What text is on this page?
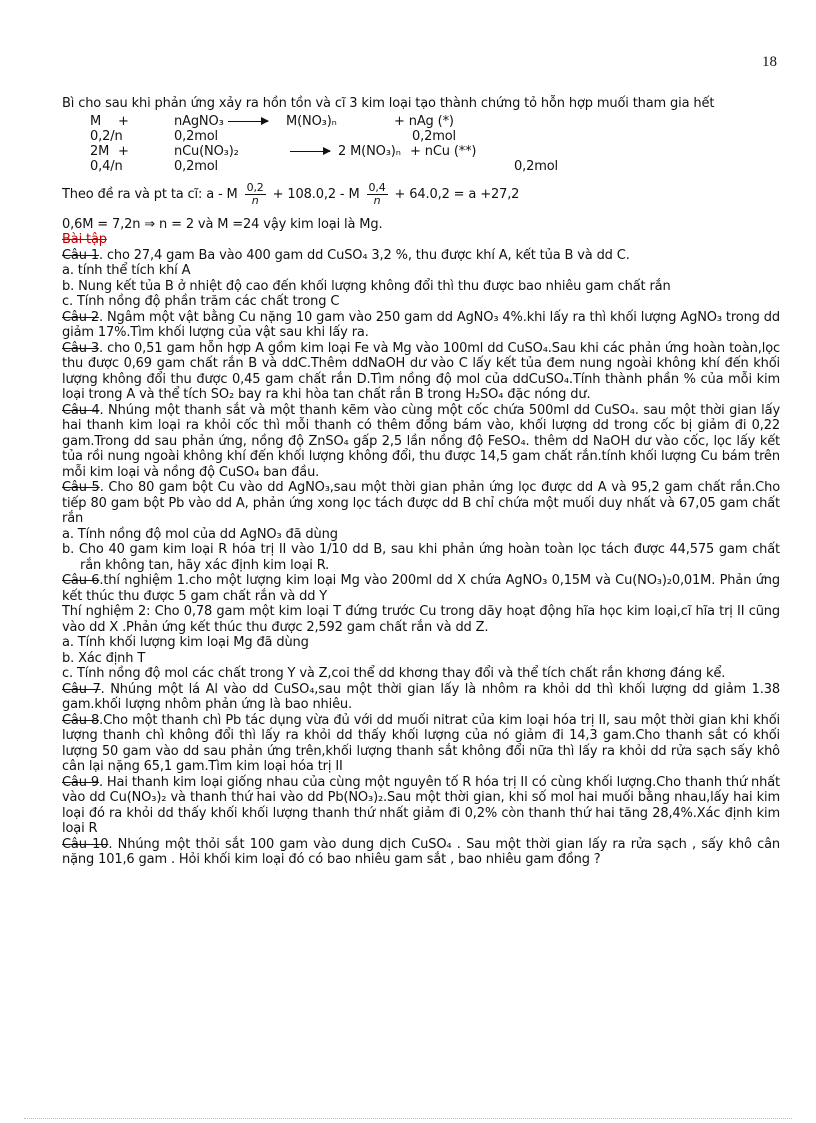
18

Bì cho sau khi phản ứng xảy ra hồn tồn và cĩ 3 kim loại tạo thành chứng tỏ hỗn hợp muối tham gia hết

M	+	nAgNO₃ →	M(NO₃)ₙ	+ nAg (*)
0,2/n	0,2mol	0,2mol
2M +	nCu(NO₃)₂	→ 2 M(NO₃)ₙ + nCu (**)
0,4/n	0,2mol	0,2mol

Theo đề ra và pt ta cĩ: a - M $\frac{0,2}{n} + 108.0,2 - M \frac{0,4}{n} + 64.0,2 = a +27,2$

0,6M = 7,2n ⇒ n = 2 và M =24 vậy kim loại là Mg.

Bài tập

Câu 1. cho 27,4 gam Ba vào 400 gam dd CuSO₄ 3,2 %, thu được khí A, kết tủa B và dd C.

a. tính thể tích khí A

b. Nung kết tủa B ở nhiệt độ cao đến khối lượng không đổi thì thu được bao nhiêu gam chất rắn

c. Tính nồng độ phần trăm các chất trong C

Câu 2. Ngâm một vật bằng Cu nặng 10 gam vào 250 gam dd AgNO₃ 4%.khi lấy ra thì khối lượng AgNO₃ trong dd giảm 17%.Tìm khối lượng của vật sau khi lấy ra.

Câu 3. cho 0,51 gam hỗn hợp A gồm kim loại Fe và Mg vào 100ml dd CuSO₄.Sau khi các phản ứng hoàn toàn,lọc thu được 0,69 gam chất rắn B và ddC.Thêm ddNaOH dư vào C lấy kết tủa đem nung ngoài không khí đến khối lượng không đổi thu được 0,45 gam chất rắn D.Tìm nồng độ mol của ddCuSO₄.Tính thành phần % của mỗi kim loại trong A và thể tích SO₂ bay ra khi hòa tan chất rắn B trong H₂SO₄ đặc nóng dư.

Câu 4. Nhúng một thanh sắt và một thanh kẽm vào cùng một cốc chứa 500ml dd CuSO₄. sau một thời gian lấy hai thanh kim loại ra khỏi cốc thì mỗi thanh có thêm đồng bám vào, khối lượng dd trong cốc bị giảm đi 0,22 gam.Trong dd sau phản ứng, nồng độ ZnSO₄ gấp 2,5 lần nồng độ FeSO₄. thêm dd NaOH dư vào cốc, lọc lấy kết tủa rồi nung ngoài không khí đến khối lượng không đổi, thu được 14,5 gam chất rắn.tính khối lượng Cu bám trên mỗi kim loại và nồng độ CuSO₄ ban đầu.

Câu 5. Cho 80 gam bột Cu vào dd AgNO₃,sau một thời gian phản ứng lọc được dd A và 95,2 gam chất rắn.Cho tiếp 80 gam bột Pb vào dd A, phản ứng xong lọc tách được dd B chỉ chứa một muối duy nhất và 67,05 gam chất rắn

a. Tính nồng độ mol của dd AgNO₃ đã dùng

b. Cho 40 gam kim loại R hóa trị II vào 1/10 dd B, sau khi phản ứng hoàn toàn lọc tách được 44,575 gam chất rắn không tan, hãy xác định kim loại R.

Câu 6.thí nghiệm 1.cho một lượng kim loại Mg vào 200ml dd X chứa AgNO₃ 0,15M và Cu(NO₃)₂0,01M. Phản ứng kết thúc thu được 5 gam chất rắn và dd Y

Thí nghiệm 2: Cho 0,78 gam một kim loại T đứng trước Cu trong dãy hoạt động hĩa học kim loại,cĩ hĩa trị II cũng vào dd X .Phản ứng kết thúc thu được 2,592 gam chất rắn và dd Z.

a. Tính khối lượng kim loại Mg đã dùng

b. Xác định T

c. Tính nồng độ mol các chất trong Y và Z,coi thể dd khơng thay đổi và thể tích chất rắn khơng đáng kể.

Câu 7. Nhúng một lá Al vào dd CuSO₄,sau một thời gian lấy là nhôm ra khỏi dd thì khối lượng dd giảm 1.38 gam.khối lượng nhôm phản ứng là bao nhiêu.

Câu 8.Cho một thanh chì Pb tác dụng vừa đủ với dd muối nitrat của kim loại hóa trị II, sau một thời gian khi khối lượng thanh chì không đổi thì lấy ra khỏi dd thấy khối lượng của nó giảm đi 14,3 gam.Cho thanh sắt có khối lượng 50 gam vào dd sau phản ứng trên,khối lượng thanh sắt không đổi nữa thì lấy ra khỏi dd rửa sạch sấy khô cân lại nặng 65,1 gam.Tìm kim loại hóa trị II

Câu 9. Hai thanh kim loại giống nhau của cùng một nguyên tố R hóa trị II có cùng khối lượng.Cho thanh thứ nhất vào dd Cu(NO₃)₂ và thanh thứ hai vào dd Pb(NO₃)₂.Sau một thời gian, khi số mol hai muối bằng nhau,lấy hai kim loại đó ra khỏi dd thấy khối khối lượng thanh thứ nhất giảm đi 0,2% còn thanh thứ hai tăng 28,4%.Xác định kim loại R

Câu 10. Nhúng một thỏi sắt 100 gam vào dung dịch CuSO₄ . Sau một thời gian lấy ra rửa sạch , sấy khô cân nặng 101,6 gam . Hỏi khối kim loại đó có bao nhiêu gam sắt , bao nhiêu gam đồng ?
